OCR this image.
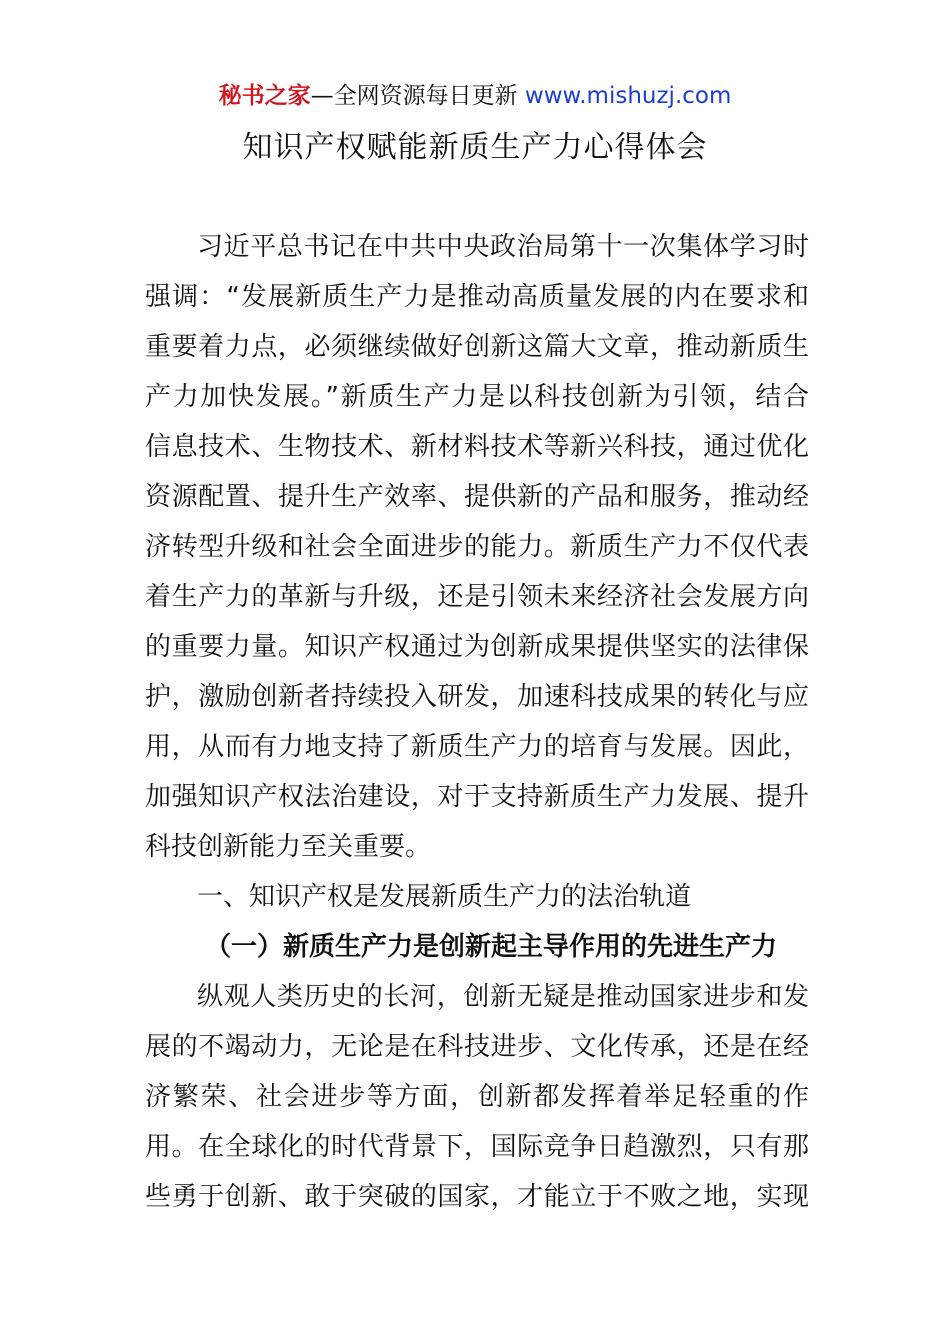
秘书之家—全网资源每日更新 www.mishuzj.com
知识产权赋能新质生产力心得体会
习近平总书记在中共中央政治局第十一次集体学习时
强调：“发展新质生产力是推动高质量发展的内在要求和
重要着力点，必须继续做好创新这篇大文章，推动新质生
产力加快发展。”新质生产力是以科技创新为引领，结合
信息技术、生物技术、新材料技术等新兴科技，通过优化
资源配置、提升生产效率、提供新的产品和服务，推动经
济转型升级和社会全面进步的能力。新质生产力不仅代表
着生产力的革新与升级，还是引领未来经济社会发展方向
的重要力量。知识产权通过为创新成果提供坚实的法律保
护，激励创新者持续投入研发，加速科技成果的转化与应
用，从而有力地支持了新质生产力的培育与发展。因此，
加强知识产权法治建设，对于支持新质生产力发展、提升
科技创新能力至关重要。
一、知识产权是发展新质生产力的法治轨道
（一）新质生产力是创新起主导作用的先进生产力
纵观人类历史的长河，创新无疑是推动国家进步和发
展的不竭动力，无论是在科技进步、文化传承，还是在经
济繁荣、社会进步等方面，创新都发挥着举足轻重的作
用。在全球化的时代背景下，国际竞争日趋激烈，只有那
些勇于创新、敢于突破的国家，才能立于不败之地，实现
